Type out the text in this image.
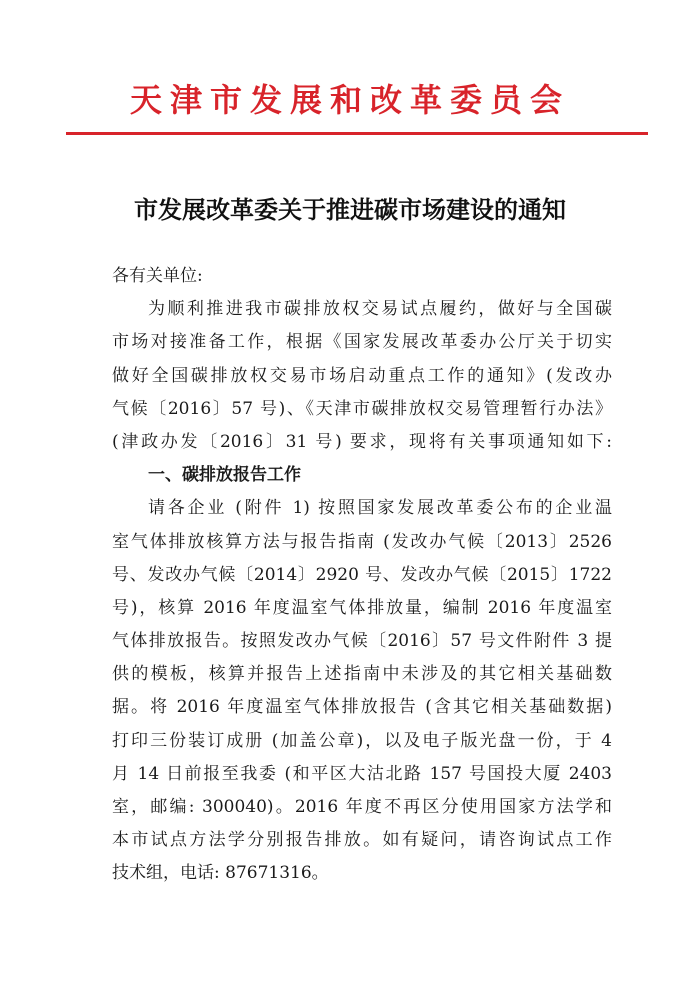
天津市发展和改革委员会
市发展改革委关于推进碳市场建设的通知
各有关单位:
为顺利推进我市碳排放权交易试点履约，做好与全国碳
市场对接准备工作，根据《国家发展改革委办公厅关于切实
做好全国碳排放权交易市场启动重点工作的通知》(发改办
气候〔2016〕57 号)、《天津市碳排放权交易管理暂行办法》
(津政办发〔2016〕31 号) 要求，现将有关事项通知如下:
一、碳排放报告工作
请各企业 (附件 1) 按照国家发展改革委公布的企业温
室气体排放核算方法与报告指南 (发改办气候〔2013〕2526
号、发改办气候〔2014〕2920 号、发改办气候〔2015〕1722
号)，核算 2016 年度温室气体排放量，编制 2016 年度温室
气体排放报告。按照发改办气候〔2016〕57 号文件附件 3 提
供的模板，核算并报告上述指南中未涉及的其它相关基础数
据。将 2016 年度温室气体排放报告 (含其它相关基础数据)
打印三份装订成册 (加盖公章)，以及电子版光盘一份，于 4
月 14 日前报至我委 (和平区大沽北路 157 号国投大厦 2403
室，邮编: 300040)。2016 年度不再区分使用国家方法学和
本市试点方法学分别报告排放。如有疑问，请咨询试点工作
技术组，电话: 87671316。
